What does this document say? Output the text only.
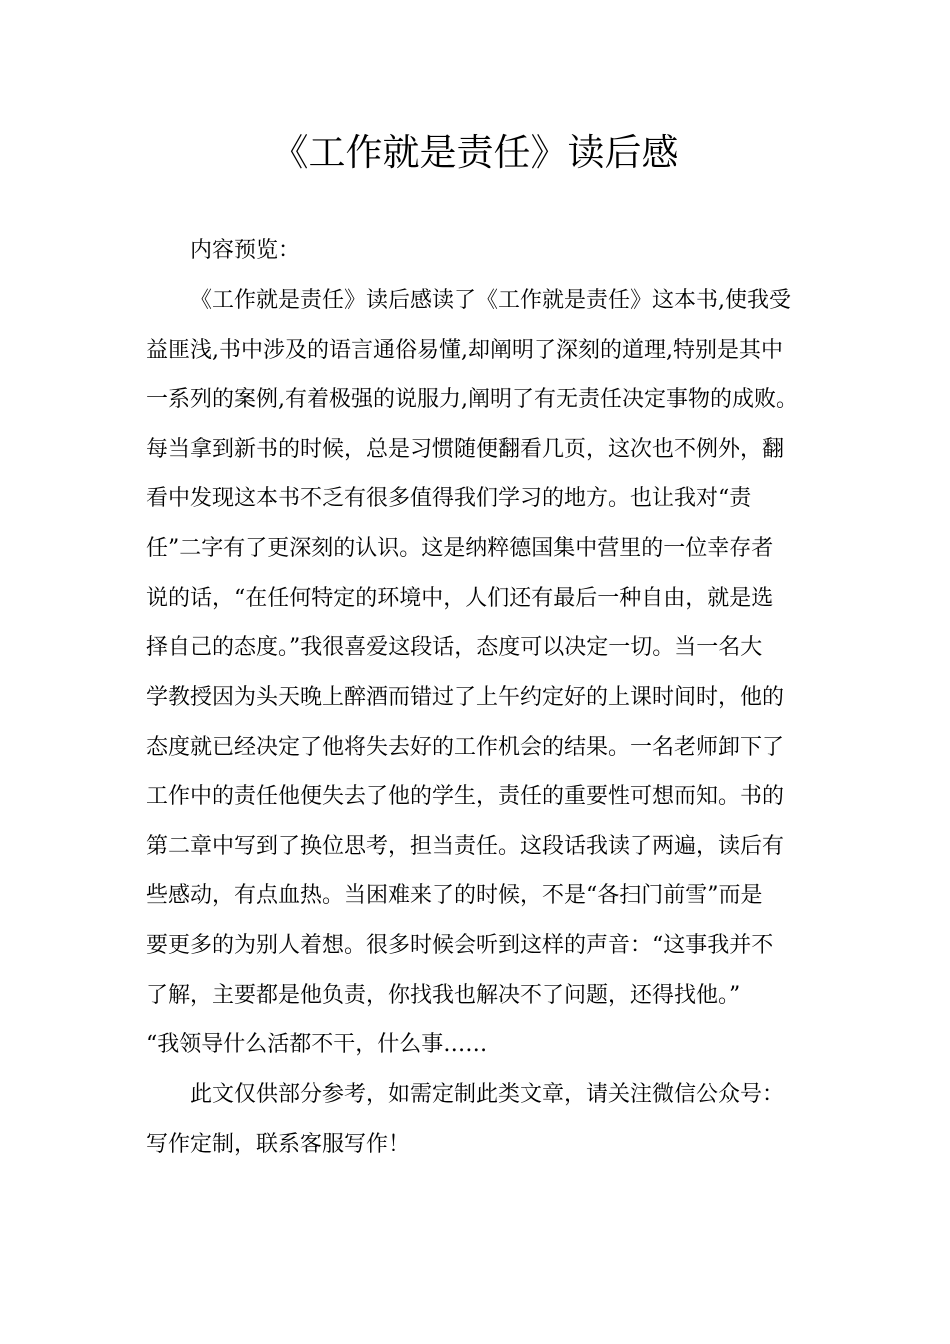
《工作就是责任》读后感
内容预览：
《工作就是责任》读后感读了《工作就是责任》这本书,使我受
益匪浅,书中涉及的语言通俗易懂,却阐明了深刻的道理,特别是其中
一系列的案例,有着极强的说服力,阐明了有无责任决定事物的成败。
每当拿到新书的时候，总是习惯随便翻看几页，这次也不例外，翻
看中发现这本书不乏有很多值得我们学习的地方。也让我对“责
任”二字有了更深刻的认识。这是纳粹德国集中营里的一位幸存者
说的话，“在任何特定的环境中，人们还有最后一种自由，就是选
择自己的态度。”我很喜爱这段话，态度可以决定一切。当一名大
学教授因为头天晚上醉酒而错过了上午约定好的上课时间时，他的
态度就已经决定了他将失去好的工作机会的结果。一名老师卸下了
工作中的责任他便失去了他的学生，责任的重要性可想而知。书的
第二章中写到了换位思考，担当责任。这段话我读了两遍，读后有
些感动，有点血热。当困难来了的时候，不是“各扫门前雪”而是
要更多的为别人着想。很多时候会听到这样的声音：“这事我并不
了解，主要都是他负责，你找我也解决不了问题，还得找他。”
“我领导什么活都不干，什么事……
此文仅供部分参考，如需定制此类文章，请关注微信公众号：
写作定制，联系客服写作！
